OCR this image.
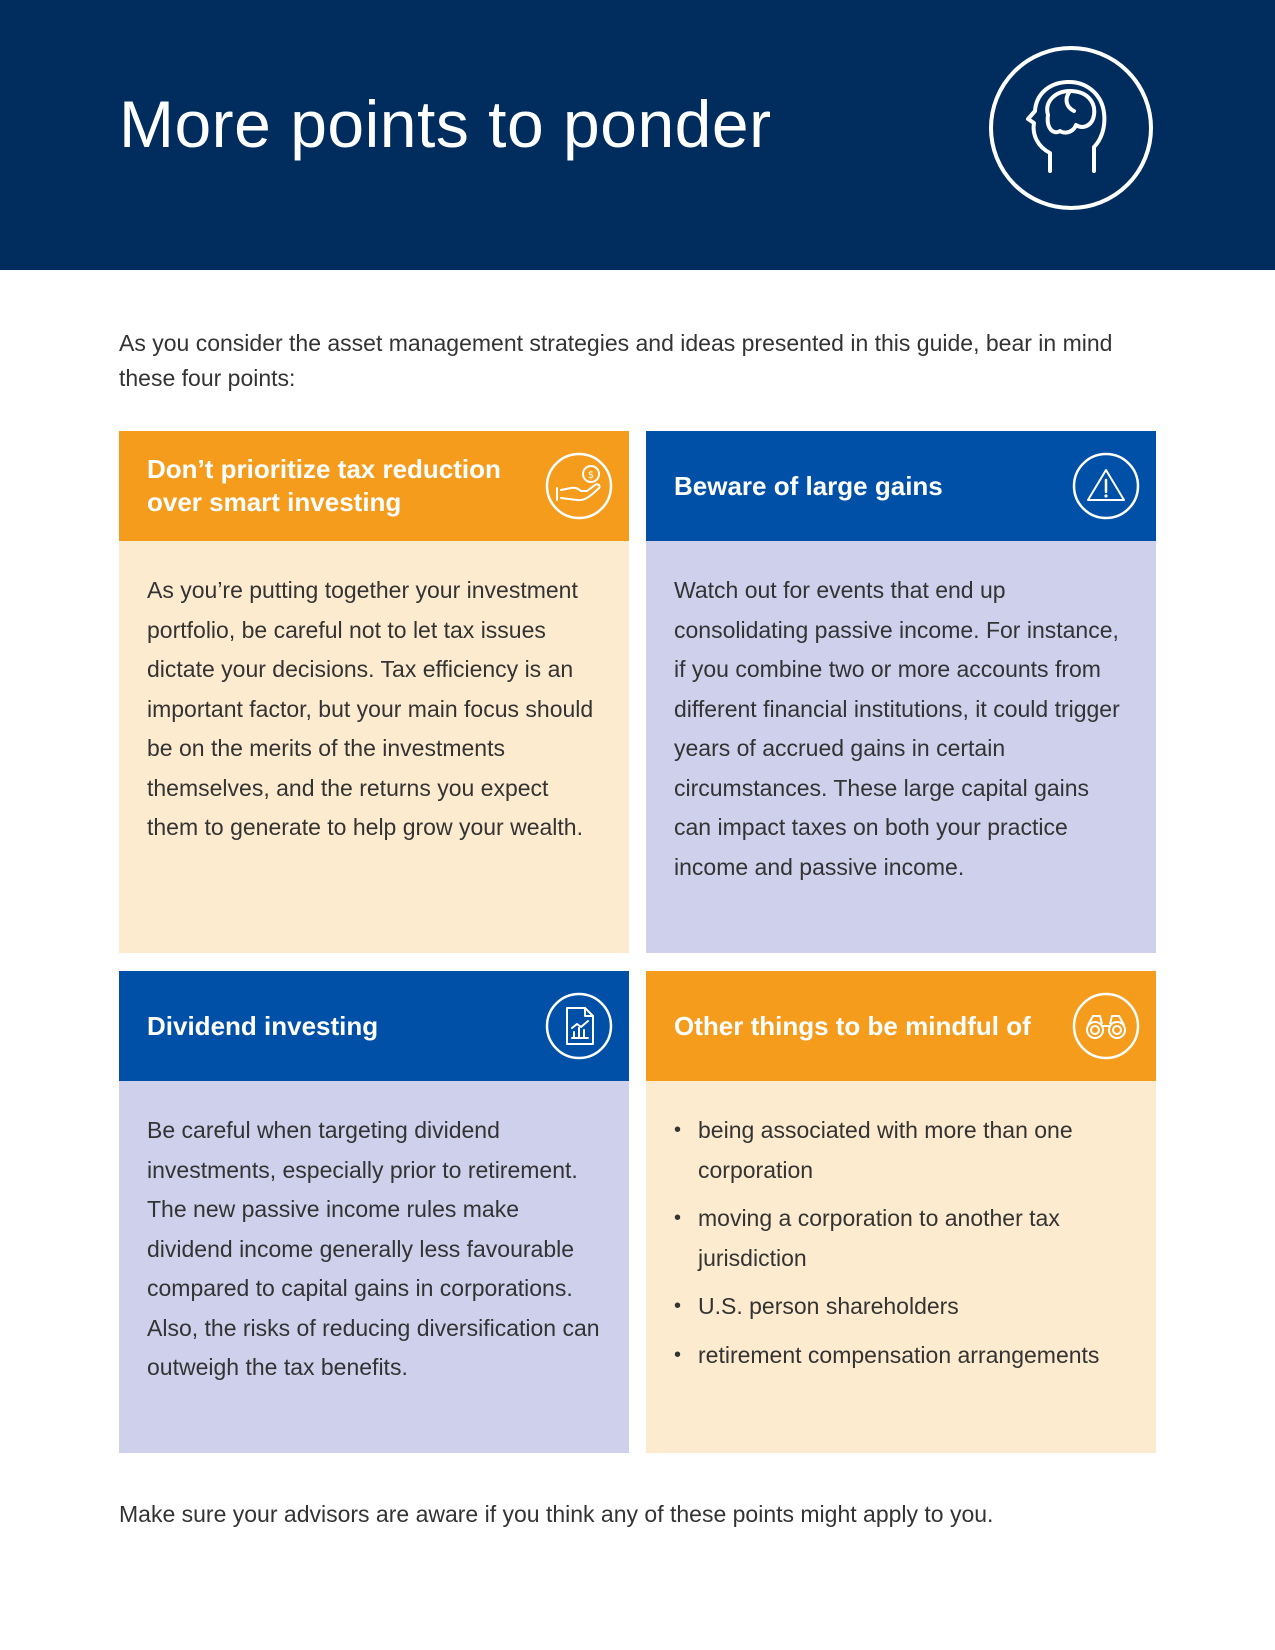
More points to ponder

As you consider the asset management strategies and ideas presented in this guide, bear in mind these four points:

Don’t prioritize tax reduction over smart investing
$

As you’re putting together your investment portfolio, be careful not to let tax issues dictate your decisions. Tax efficiency is an important factor, but your main focus should be on the merits of the investments themselves, and the returns you expect them to generate to help grow your wealth.

Beware of large gains

Watch out for events that end up consolidating passive income. For instance, if you combine two or more accounts from different financial institutions, it could trigger years of accrued gains in certain circumstances. These large capital gains can impact taxes on both your practice income and passive income.

Dividend investing

Be careful when targeting dividend investments, especially prior to retirement. The new passive income rules make dividend income generally less favourable compared to capital gains in corporations. Also, the risks of reducing diversification can outweigh the tax benefits.

Other things to be mindful of
• being associated with more than one corporation
• moving a corporation to another tax jurisdiction
• U.S. person shareholders
• retirement compensation arrangements

Make sure your advisors are aware if you think any of these points might apply to you.
